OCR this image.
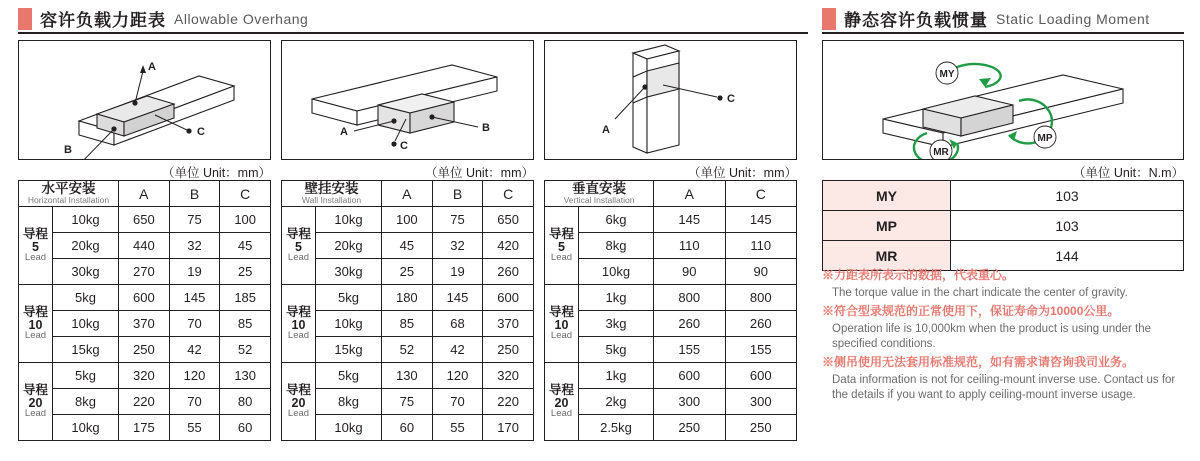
容许负载力距表 Allowable Overhang	静态容许负载惯量 Static Loading Moment
A
B
C
（单位 Unit：mm）
A	B
C
（单位 Unit：mm）
A
C
（单位 Unit：mm）
MY
MP
MR
（单位 Unit：N.m）
水平安装
Horizontal Installation		A	B	C

导程
5
Lead	10kg	650	75	100
	20kg	440	32	45
	30kg	270	19	25

导程
10
Lead	5kg	600	145	185
	10kg	370	70	85
	15kg	250	42	52

导程
20
Lead	5kg	320	120	130
	8kg	220	70	80
	10kg	175	55	60
壁挂安装
Wall Installation		A	B	C

导程
5
Lead	10kg	100	75	650
	20kg	45	32	420
	30kg	25	19	260

导程
10
Lead	5kg	180	145	600
	10kg	85	68	370
	15kg	52	42	250

导程
20
Lead	5kg	130	120	320
	8kg	75	70	220
	10kg	60	55	170
垂直安装
Vertical Installation		A	C

导程
5
Lead	6kg	145	145
	8kg	110	110
	10kg	90	90

导程
10
Lead	1kg	800	800
	3kg	260	260
	5kg	155	155

导程
20
Lead	1kg	600	600
	2kg	300	300
	2.5kg	250	250
MY	103
MP	103
MR	144

※力距表所表示的数据，代表重心。

The torque value in the chart indicate the center of gravity.

※符合型录规范的正常使用下，保证寿命为10000公里。

Operation life is 10,000km when the product is using under the specified conditions.

※侧吊使用无法套用标准规范，如有需求请咨询我司业务。

Data information is not for ceiling-mount inverse use. Contact us for the details if you want to apply ceiling-mount inverse usage.
